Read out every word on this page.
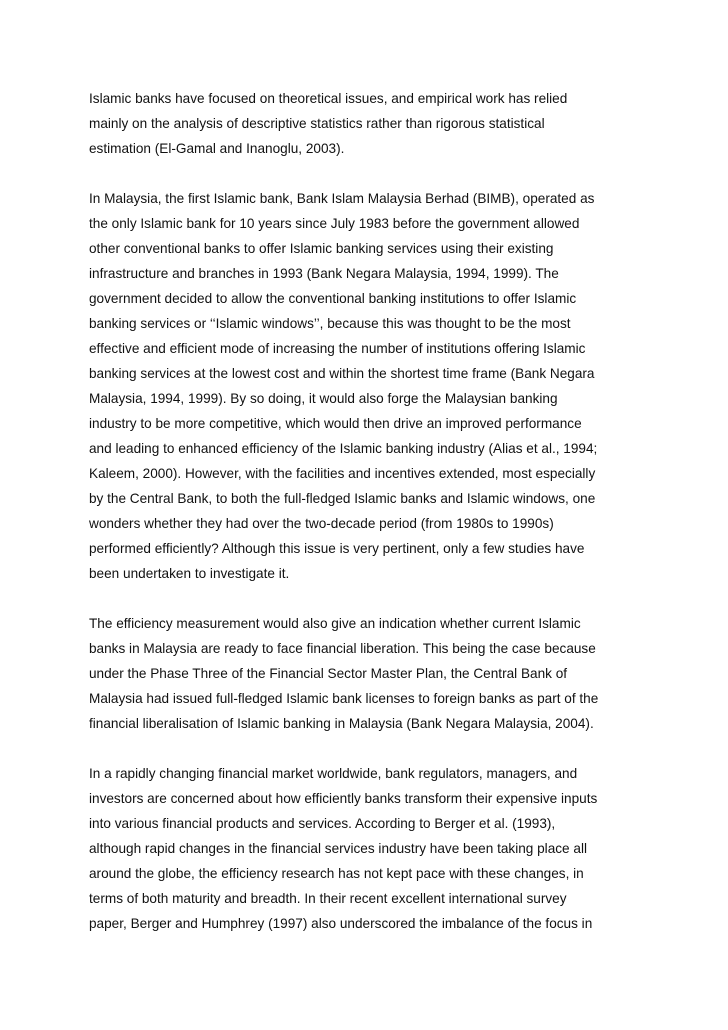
Islamic banks have focused on theoretical issues, and empirical work has relied
mainly on the analysis of descriptive statistics rather than rigorous statistical
estimation (El-Gamal and Inanoglu, 2003).

In Malaysia, the first Islamic bank, Bank Islam Malaysia Berhad (BIMB), operated as
the only Islamic bank for 10 years since July 1983 before the government allowed
other conventional banks to offer Islamic banking services using their existing
infrastructure and branches in 1993 (Bank Negara Malaysia, 1994, 1999). The
government decided to allow the conventional banking institutions to offer Islamic
banking services or ‘‘Islamic windows’’, because this was thought to be the most
effective and efficient mode of increasing the number of institutions offering Islamic
banking services at the lowest cost and within the shortest time frame (Bank Negara
Malaysia, 1994, 1999). By so doing, it would also forge the Malaysian banking
industry to be more competitive, which would then drive an improved performance
and leading to enhanced efficiency of the Islamic banking industry (Alias et al., 1994;
Kaleem, 2000). However, with the facilities and incentives extended, most especially
by the Central Bank, to both the full-fledged Islamic banks and Islamic windows, one
wonders whether they had over the two-decade period (from 1980s to 1990s)
performed efficiently? Although this issue is very pertinent, only a few studies have
been undertaken to investigate it.

The efficiency measurement would also give an indication whether current Islamic
banks in Malaysia are ready to face financial liberation. This being the case because
under the Phase Three of the Financial Sector Master Plan, the Central Bank of
Malaysia had issued full-fledged Islamic bank licenses to foreign banks as part of the
financial liberalisation of Islamic banking in Malaysia (Bank Negara Malaysia, 2004).

In a rapidly changing financial market worldwide, bank regulators, managers, and
investors are concerned about how efficiently banks transform their expensive inputs
into various financial products and services. According to Berger et al. (1993),
although rapid changes in the financial services industry have been taking place all
around the globe, the efficiency research has not kept pace with these changes, in
terms of both maturity and breadth. In their recent excellent international survey
paper, Berger and Humphrey (1997) also underscored the imbalance of the focus in
